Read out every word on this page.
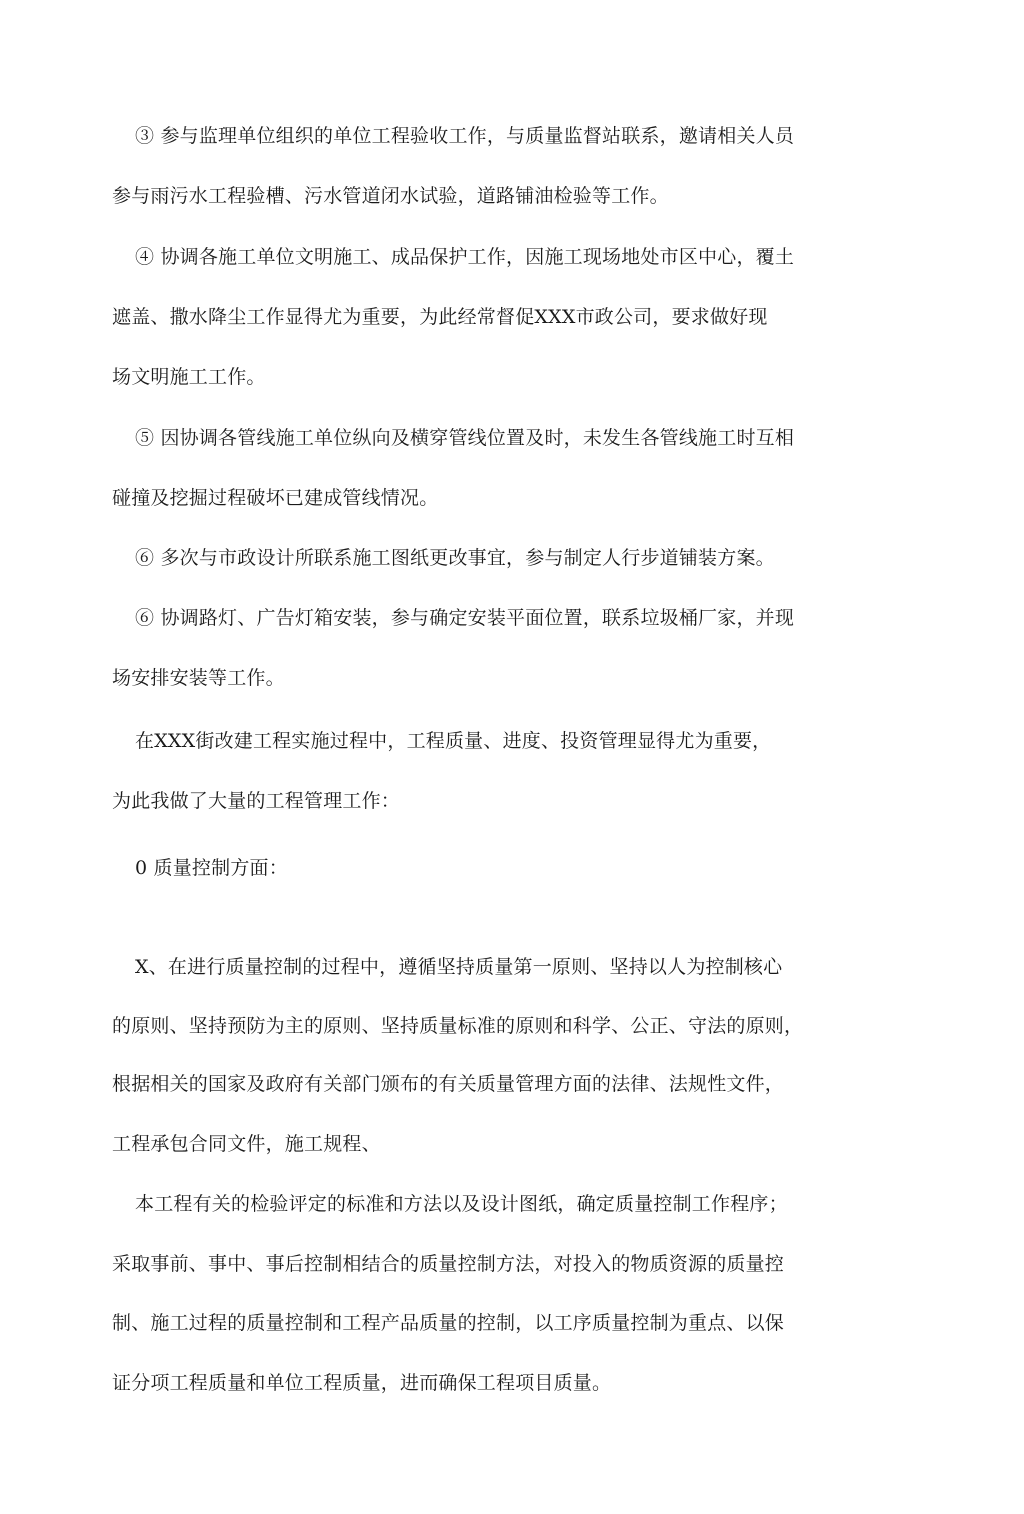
③ 参与监理单位组织的单位工程验收工作，与质量监督站联系，邀请相关人员
参与雨污水工程验槽、污水管道闭水试验，道路铺油检验等工作。
④ 协调各施工单位文明施工、成品保护工作，因施工现场地处市区中心，覆土
遮盖、撒水降尘工作显得尤为重要，为此经常督促XXX市政公司，要求做好现
场文明施工工作。
⑤ 因协调各管线施工单位纵向及横穿管线位置及时，未发生各管线施工时互相
碰撞及挖掘过程破坏已建成管线情况。
⑥ 多次与市政设计所联系施工图纸更改事宜，参与制定人行步道铺装方案。
⑥ 协调路灯、广告灯箱安装，参与确定安装平面位置，联系垃圾桶厂家，并现
场安排安装等工作。
在XXX街改建工程实施过程中，工程质量、进度、投资管理显得尤为重要，
为此我做了大量的工程管理工作：
0 质量控制方面：
X、在进行质量控制的过程中，遵循坚持质量第一原则、坚持以人为控制核心
的原则、坚持预防为主的原则、坚持质量标准的原则和科学、公正、守法的原则，
根据相关的国家及政府有关部门颁布的有关质量管理方面的法律、法规性文件，
工程承包合同文件，施工规程、
本工程有关的检验评定的标准和方法以及设计图纸，确定质量控制工作程序；
采取事前、事中、事后控制相结合的质量控制方法，对投入的物质资源的质量控
制、施工过程的质量控制和工程产品质量的控制，以工序质量控制为重点、以保
证分项工程质量和单位工程质量，进而确保工程项目质量。
